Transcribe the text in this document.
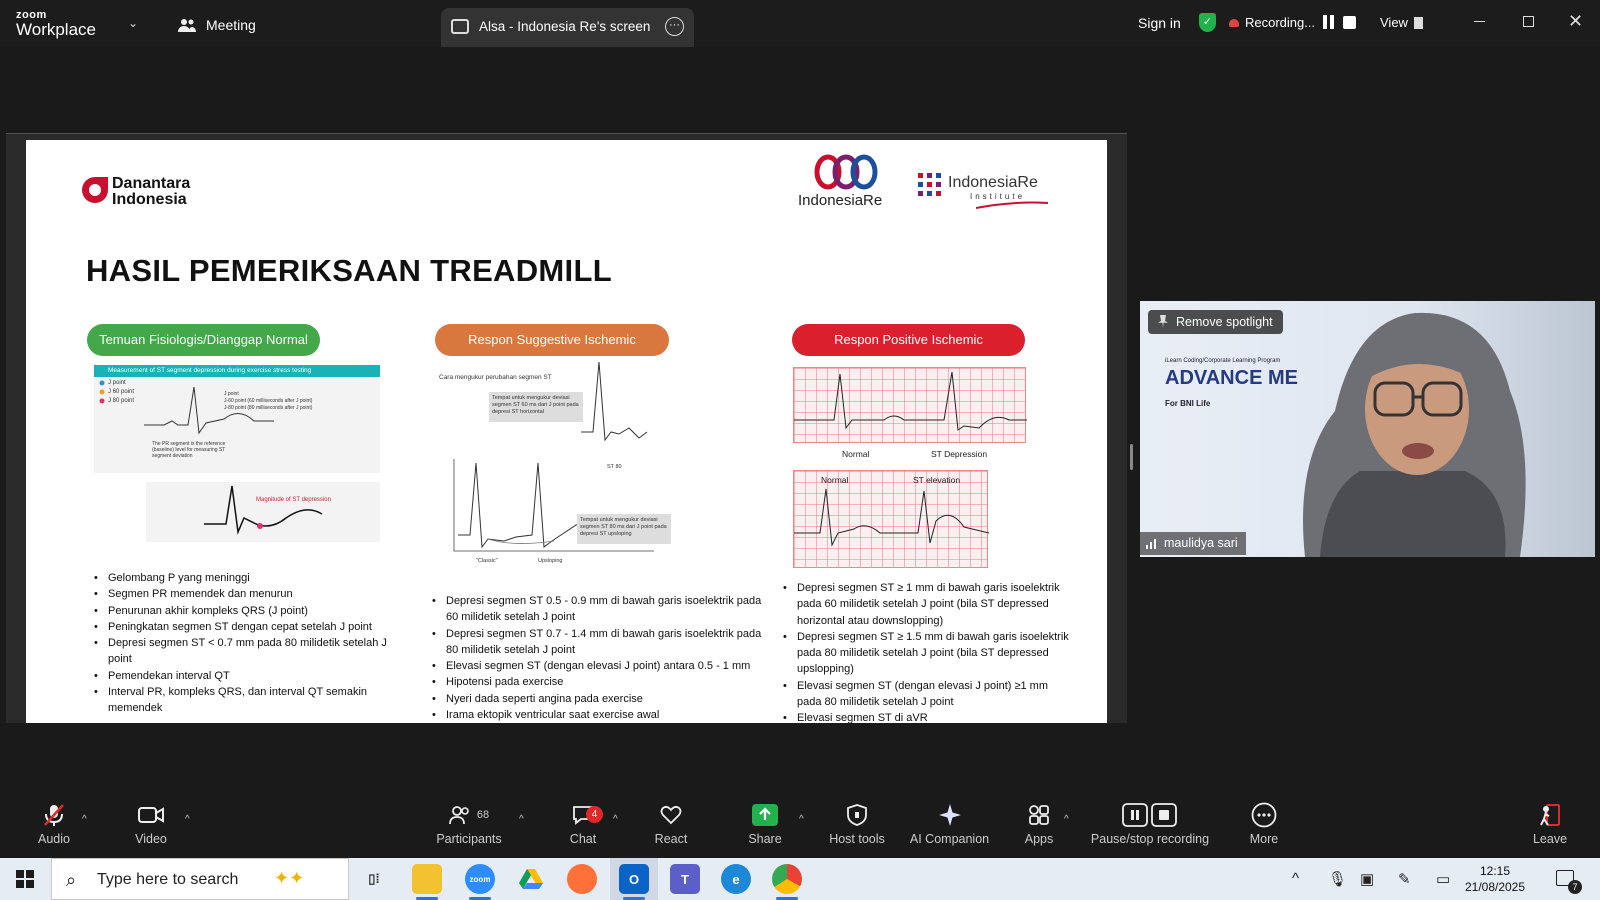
zoom
Workplace	⌄	Meeting	Alsa - Indonesia Re's screen	···	Sign in	✓	Recording...	View	✕
Danantara
Indonesia	IndonesiaRe
IndonesiaRe
Institute
HASIL PEMERIKSAAN TREADMILL
Temuan Fisiologis/Dianggap Normal	Respon Suggestive Ischemic	Respon Positive Ischemic
Measurement of ST segment depression during exercise stress testing
J point
J 60 point
J 80 point
J point
J-60 point (60 milliseconds after J point)
J-80 point (80 milliseconds after J point)
The PR segment is the reference (baseline) level for measuring ST segment deviation
Magnitude of ST depression
• Gelombang P yang meninggi
• Segmen PR memendek dan menurun
• Penurunan akhir kompleks QRS (J point)
• Peningkatan segmen ST dengan cepat setelah J point
• Depresi segmen ST < 0.7 mm pada 80 milidetik setelah J point
• Pemendekan interval QT
• Interval PR, kompleks QRS, dan interval QT semakin memendek
Cara mengukur perubahan segmen ST
Tempat untuk mengukur deviasi segmen ST 60 ms dari J point pada depresi ST horizontal
ST 80
Tempat untuk mengukur deviasi segmen ST 80 ms dari J point pada depresi ST upsloping
"Classic"	Upsloping
• Depresi segmen ST 0.5 - 0.9 mm di bawah garis isoelektrik pada 60 milidetik setelah J point
• Depresi segmen ST 0.7 - 1.4 mm di bawah garis isoelektrik pada 80 milidetik setelah J point
• Elevasi segmen ST (dengan elevasi J point) antara 0.5 - 1 mm
• Hipotensi pada exercise
• Nyeri dada seperti angina pada exercise
• Irama ektopik ventricular saat exercise awal
Normal	ST Depression
Normal	ST elevation
• Depresi segmen ST ≥ 1 mm di bawah garis isoelektrik pada 60 milidetik setelah J point (bila ST depressed horizontal atau downslopping)
• Depresi segmen ST ≥ 1.5 mm di bawah garis isoelektrik pada 80 milidetik setelah J point (bila ST depressed upslopping)
• Elevasi segmen ST (dengan elevasi J point) ≥1 mm pada 80 milidetik setelah J point
• Elevasi segmen ST di aVR
iLearn Coding/Corporate Learning Program
ADVANCE ME
For BNI Life
Remove spotlight
maulidya sari
Audio
^
Video
^	68
Participants
^
Chat
4	^
React	Share
^
Host tools	AI Companion	Apps
^
Pause/stop recording	More	Leave
⌕ Type here to search ✦✦	▯⁞	zoom	O	T	e	^ 🎙 ▣ ✎ ▭	12:15
21/08/2025	7
